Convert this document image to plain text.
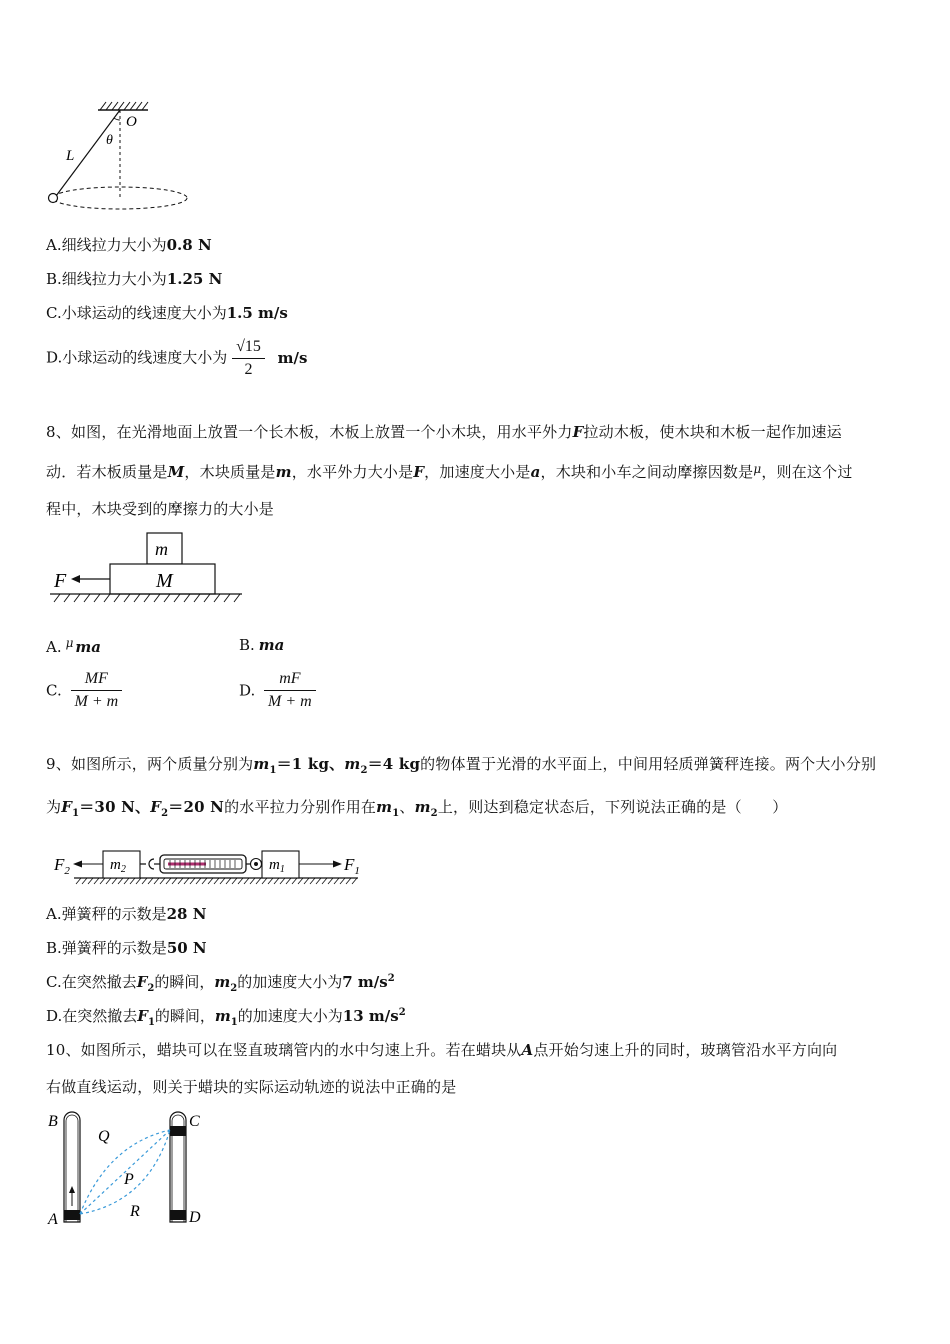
O
θ
L
A.细线拉力大小为0.8 N
B.细线拉力大小为1.25 N
C.小球运动的线速度大小为1.5 m/s
D.小球运动的线速度大小为 $\frac{√15}{2} m/s$
8、如图，在光滑地面上放置一个长木板，木板上放置一个小木块，用水平外力F拉动木板，使木块和木板一起作加速运
动．若木板质量是M，木块质量是m，水平外力大小是F，加速度大小是a，木块和小车之间动摩擦因数是$^\mu$，则在这个过
程中，木块受到的摩擦力的大小是
m
M
F
A. $^\mu$ ma	B. ma
C. $\frac{MF}{M + m}$	D. $\frac{mF}{M + m}$
9、如图所示，两个质量分别为$m_1=1$ kg、$m_2=4$ kg的物体置于光滑的水平面上，中间用轻质弹簧秤连接。两个大小分别
为$F_1=30$ N、$F_2=20$ N的水平拉力分别作用在$m_1$、$m_2$上，则达到稳定状态后，下列说法正确的是（　　）
$F_2$	$m_2$	$m_1$	$F_1$
A.弹簧秤的示数是28 N
B.弹簧秤的示数是50 N
C.在突然撤去$F_2$的瞬间，$m_2$的加速度大小为7 $m/s^2$
D.在突然撤去$F_1$的瞬间，$m_1$的加速度大小为13 $m/s^2$
10、如图所示，蜡块可以在竖直玻璃管内的水中匀速上升。若在蜡块从A点开始匀速上升的同时，玻璃管沿水平方向向
右做直线运动，则关于蜡块的实际运动轨迹的说法中正确的是
B	C
Q
P
R
A	D
